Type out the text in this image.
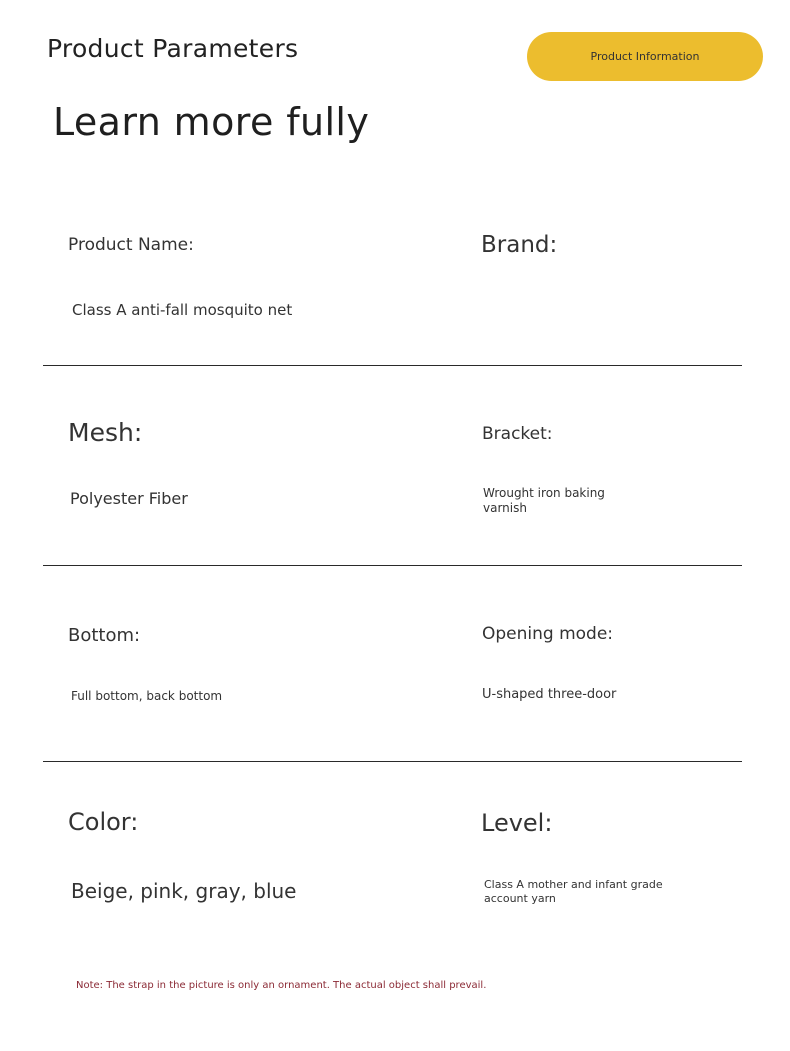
Product Parameters	Product Information
Learn more fully
Product Name:
Class A anti-fall mosquito net
Brand:
Mesh:
Polyester Fiber
Bracket:
Wrought iron baking varnish
Bottom:
Full bottom, back bottom
Opening mode:
U-shaped three-door
Color:
Beige, pink, gray, blue
Level:
Class A mother and infant grade account yarn
Note: The strap in the picture is only an ornament. The actual object shall prevail.
